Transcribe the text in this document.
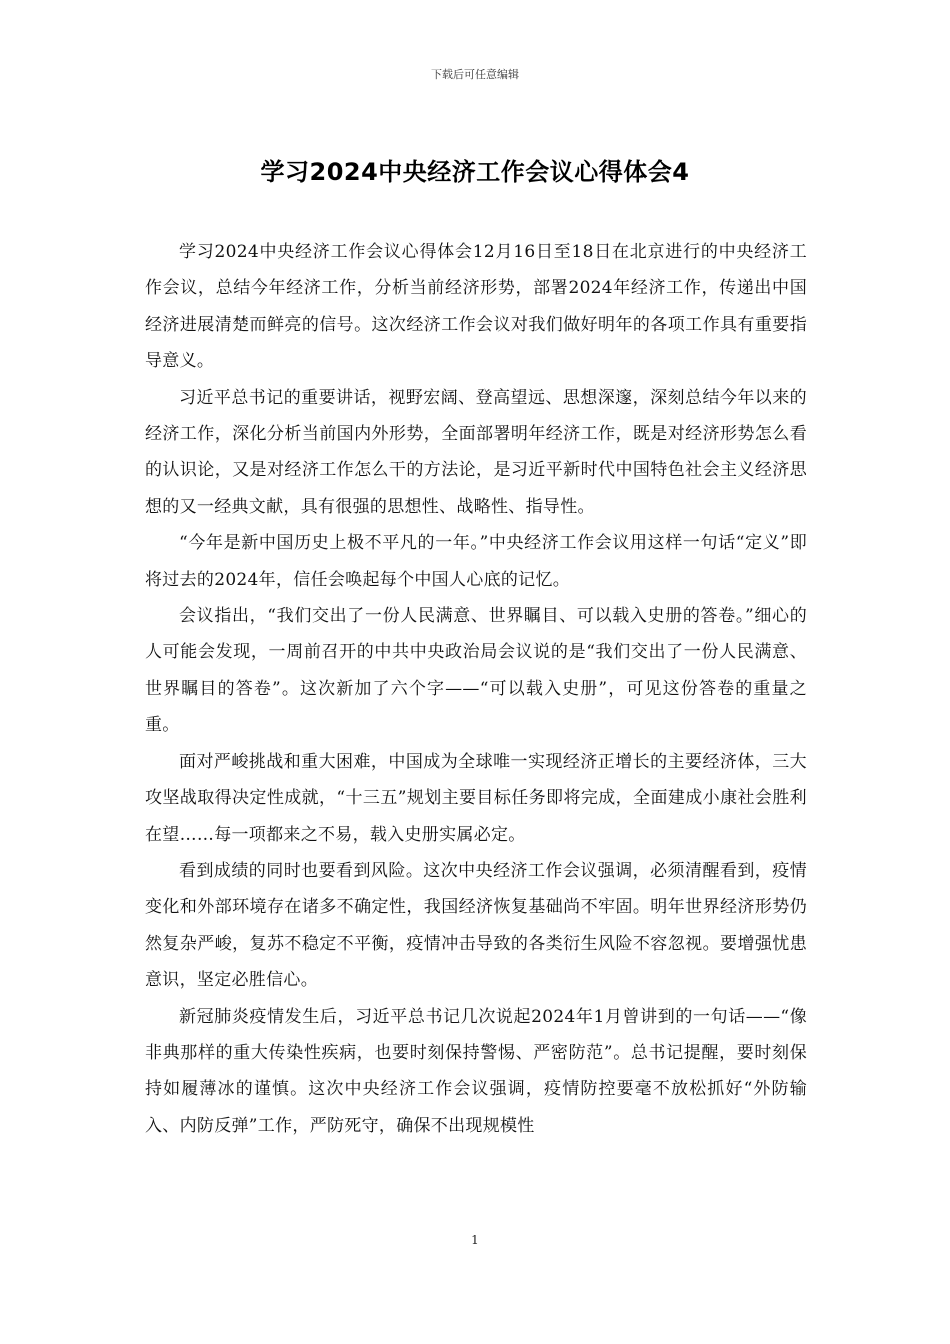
下载后可任意编辑
学习2024中央经济工作会议心得体会4

学习2024中央经济工作会议心得体会12月16日至18日在北京进行的中央经济工作会议，总结今年经济工作，分析当前经济形势，部署2024年经济工作，传递出中国经济进展清楚而鲜亮的信号。这次经济工作会议对我们做好明年的各项工作具有重要指导意义。

习近平总书记的重要讲话，视野宏阔、登高望远、思想深邃，深刻总结今年以来的经济工作，深化分析当前国内外形势，全面部署明年经济工作，既是对经济形势怎么看的认识论，又是对经济工作怎么干的方法论，是习近平新时代中国特色社会主义经济思想的又一经典文献，具有很强的思想性、战略性、指导性。

“今年是新中国历史上极不平凡的一年。”中央经济工作会议用这样一句话“定义”即将过去的2024年，信任会唤起每个中国人心底的记忆。

会议指出，“我们交出了一份人民满意、世界瞩目、可以载入史册的答卷。”细心的人可能会发现，一周前召开的中共中央政治局会议说的是“我们交出了一份人民满意、世界瞩目的答卷”。这次新加了六个字——“可以载入史册”，可见这份答卷的重量之重。

面对严峻挑战和重大困难，中国成为全球唯一实现经济正增长的主要经济体，三大攻坚战取得决定性成就，“十三五”规划主要目标任务即将完成，全面建成小康社会胜利在望……每一项都来之不易，载入史册实属必定。

看到成绩的同时也要看到风险。这次中央经济工作会议强调，必须清醒看到，疫情变化和外部环境存在诸多不确定性，我国经济恢复基础尚不牢固。明年世界经济形势仍然复杂严峻，复苏不稳定不平衡，疫情冲击导致的各类衍生风险不容忽视。要增强忧患意识，坚定必胜信心。

新冠肺炎疫情发生后，习近平总书记几次说起2024年1月曾讲到的一句话——“像非典那样的重大传染性疾病，也要时刻保持警惕、严密防范”。总书记提醒，要时刻保持如履薄冰的谨慎。这次中央经济工作会议强调，疫情防控要毫不放松抓好“外防输入、内防反弹”工作，严防死守，确保不出现规模性

1
